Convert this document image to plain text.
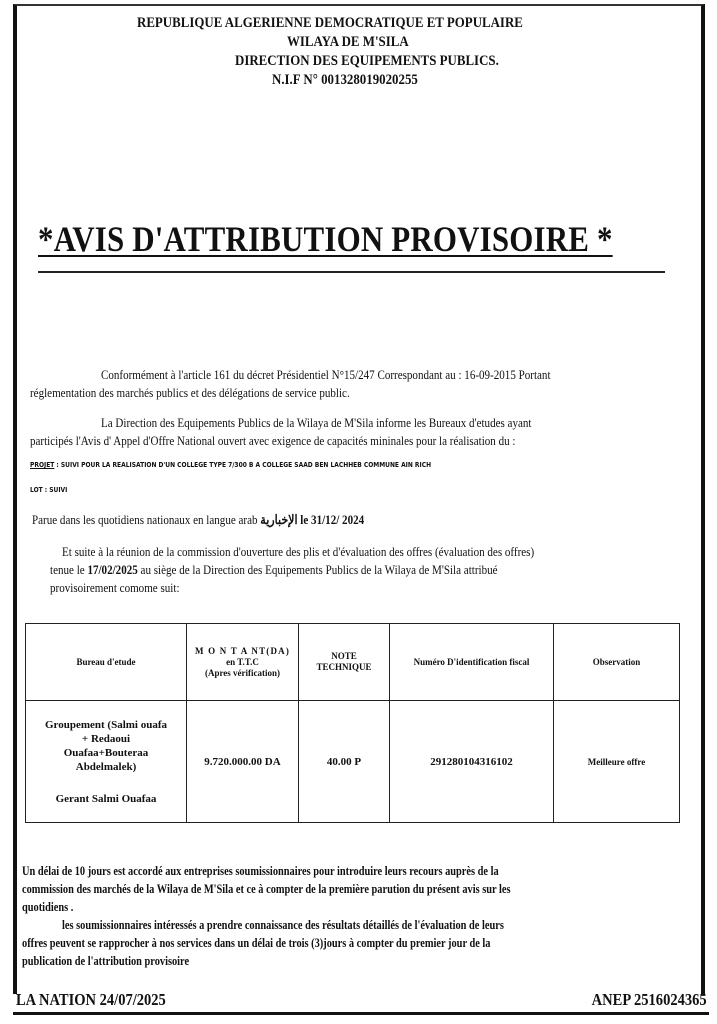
REPUBLIQUE ALGERIENNE DEMOCRATIQUE ET POPULAIRE
WILAYA DE M'SILA
DIRECTION DES EQUIPEMENTS PUBLICS.
N.I.F N° 001328019020255
*AVIS D'ATTRIBUTION PROVISOIRE *
Conformément à l'article 161 du décret Présidentiel N°15/247 Correspondant au : 16-09-2015 Portant
réglementation des marchés publics et des délégations de service public.
La Direction des Equipements Publics de la Wilaya de M'Sila informe les Bureaux d'etudes ayant
participés l'Avis d' Appel d'Offre National ouvert avec exigence de capacités mininales pour la réalisation du :
PROJET : SUIVI POUR LA REALISATION D'UN COLLEGE TYPE 7/300 B A COLLEGE SAAD BEN LACHHEB COMMUNE AIN RICH
LOT : SUIVI
Parue dans les quotidiens nationaux en langue arab الإخبارية le 31/12/ 2024
Et suite à la réunion de la commission d'ouverture des plis et d'évaluation des offres (évaluation des offres)
tenue le 17/02/2025 au siège de la Direction des Equipements Publics de la Wilaya de M'Sila attribué
provisoirement comome suit:
Bureau d'etude	M O N T A NT(DA)
en T.T.C
(Apres vérification)	NOTE
TECHNIQUE	Numéro D'identification fiscal	Observation

Groupement (Salmi ouafa
+ Redaoui
Ouafaa+Bouteraa
Abdelmalek)
Gerant Salmi Ouafaa	9.720.000.00 DA	40.00 P	291280104316102	Meilleure offre
Un délai de 10 jours est accordé aux entreprises soumissionnaires pour introduire leurs recours auprès de la
commission des marchés de la Wilaya de M'Sila et ce à compter de la première parution du présent avis sur les
quotidiens .
les soumissionnaires intéressés a prendre connaissance des résultats détaillés de l'évaluation de leurs
offres peuvent se rapprocher à nos services dans un délai de trois (3)jours à compter du premier jour de la
publication de l'attribution provisoire
LA NATION 24/07/2025	ANEP 2516024365
